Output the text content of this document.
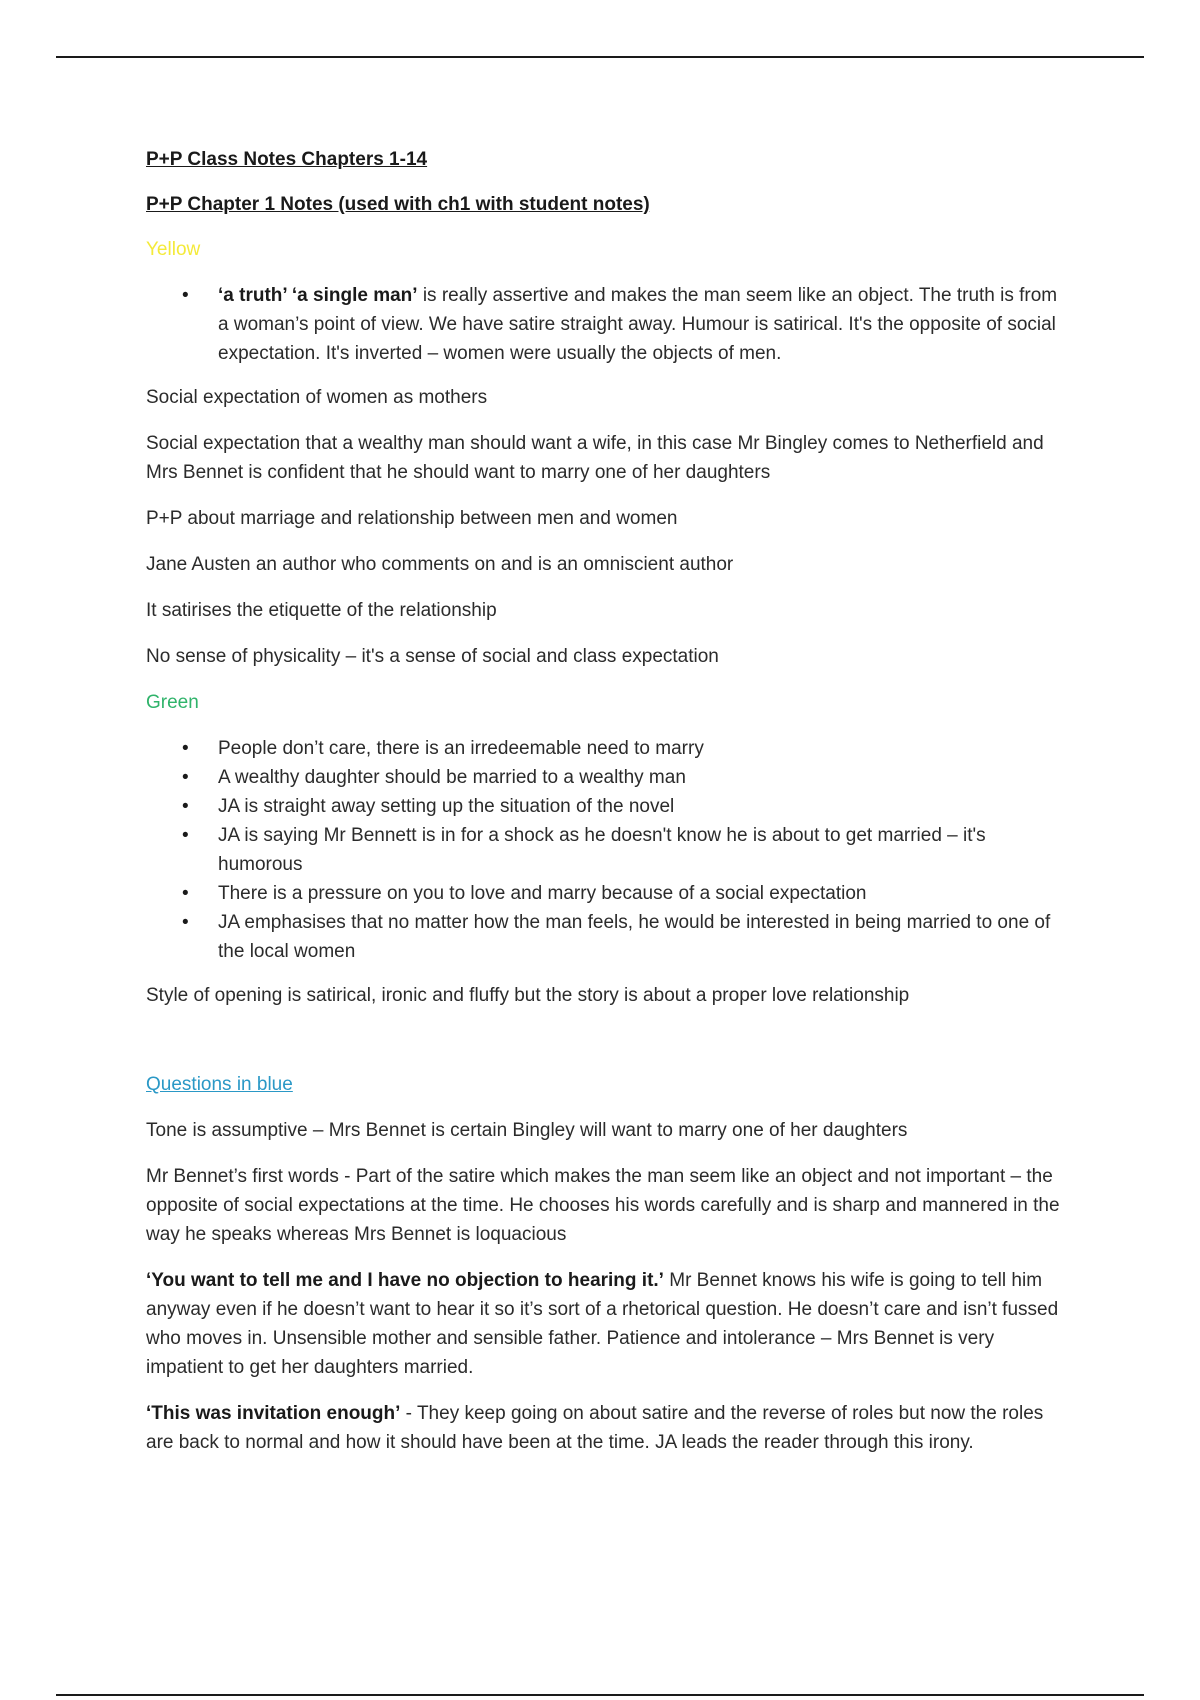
P+P Class Notes Chapters 1-14

P+P Chapter 1 Notes (used with ch1 with student notes)

Yellow

• ‘a truth’ ‘a single man’ is really assertive and makes the man seem like an object. The truth is from a woman’s point of view. We have satire straight away. Humour is satirical. It's the opposite of social expectation. It's inverted – women were usually the objects of men.

Social expectation of women as mothers

Social expectation that a wealthy man should want a wife, in this case Mr Bingley comes to Netherfield and Mrs Bennet is confident that he should want to marry one of her daughters

P+P about marriage and relationship between men and women

Jane Austen an author who comments on and is an omniscient author

It satirises the etiquette of the relationship

No sense of physicality – it's a sense of social and class expectation

Green

• People don’t care, there is an irredeemable need to marry
• A wealthy daughter should be married to a wealthy man
• JA is straight away setting up the situation of the novel
• JA is saying Mr Bennett is in for a shock as he doesn't know he is about to get married – it's humorous
• There is a pressure on you to love and marry because of a social expectation
• JA emphasises that no matter how the man feels, he would be interested in being married to one of the local women

Style of opening is satirical, ironic and fluffy but the story is about a proper love relationship

Questions in blue

Tone is assumptive – Mrs Bennet is certain Bingley will want to marry one of her daughters

Mr Bennet’s first words - Part of the satire which makes the man seem like an object and not important – the opposite of social expectations at the time. He chooses his words carefully and is sharp and mannered in the way he speaks whereas Mrs Bennet is loquacious

‘You want to tell me and I have no objection to hearing it.’ Mr Bennet knows his wife is going to tell him anyway even if he doesn’t want to hear it so it’s sort of a rhetorical question. He doesn’t care and isn’t fussed who moves in. Unsensible mother and sensible father. Patience and intolerance – Mrs Bennet is very impatient to get her daughters married.

‘This was invitation enough’ - They keep going on about satire and the reverse of roles but now the roles are back to normal and how it should have been at the time. JA leads the reader through this irony.
